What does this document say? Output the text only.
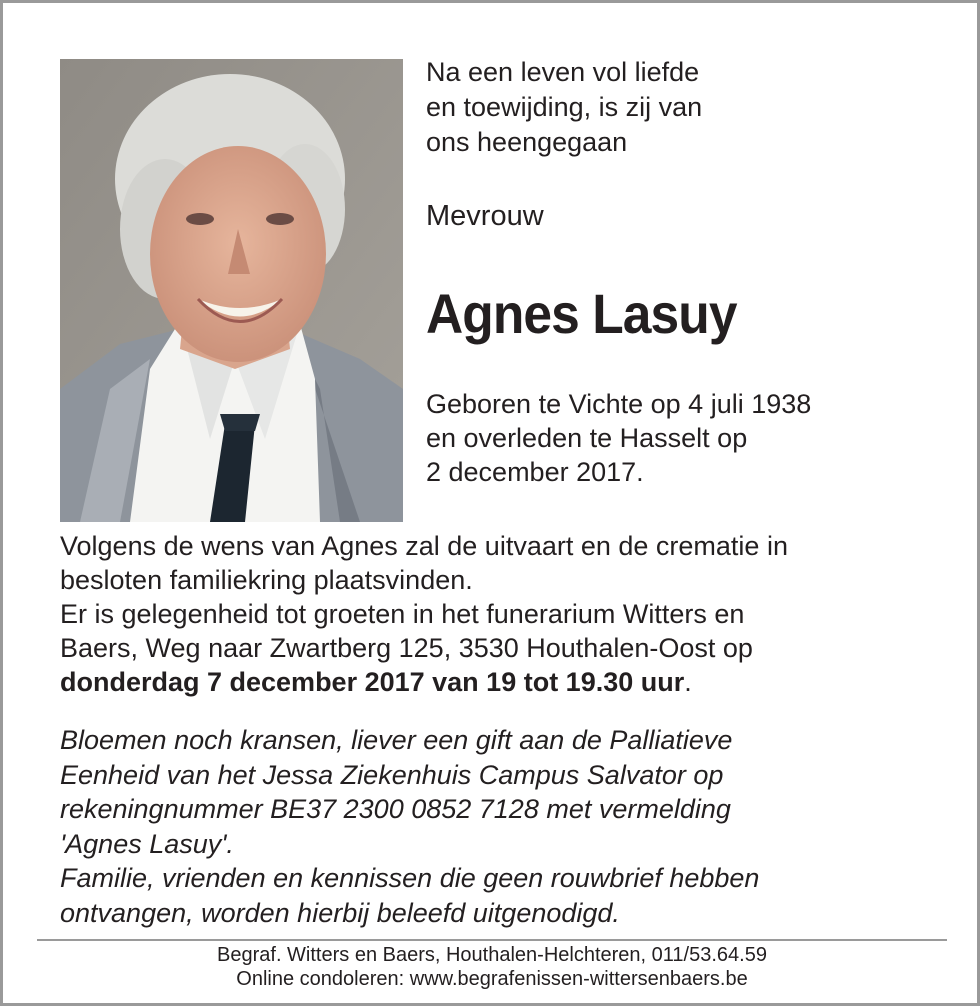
Na een leven vol liefde
en toewijding, is zij van
ons heengegaan
Mevrouw
Agnes Lasuy
Geboren te Vichte op 4 juli 1938
en overleden te Hasselt op
2 december 2017.
Volgens de wens van Agnes zal de uitvaart en de crematie in
besloten familiekring plaatsvinden.
Er is gelegenheid tot groeten in het funerarium Witters en
Baers, Weg naar Zwartberg 125, 3530 Houthalen-Oost op
donderdag 7 december 2017 van 19 tot 19.30 uur.
Bloemen noch kransen, liever een gift aan de Palliatieve
Eenheid van het Jessa Ziekenhuis Campus Salvator op
rekeningnummer BE37 2300 0852 7128 met vermelding
'Agnes Lasuy'.
Familie, vrienden en kennissen die geen rouwbrief hebben
ontvangen, worden hierbij beleefd uitgenodigd.
Begraf. Witters en Baers, Houthalen-Helchteren, 011/53.64.59
Online condoleren: www.begrafenissen-wittersenbaers.be
